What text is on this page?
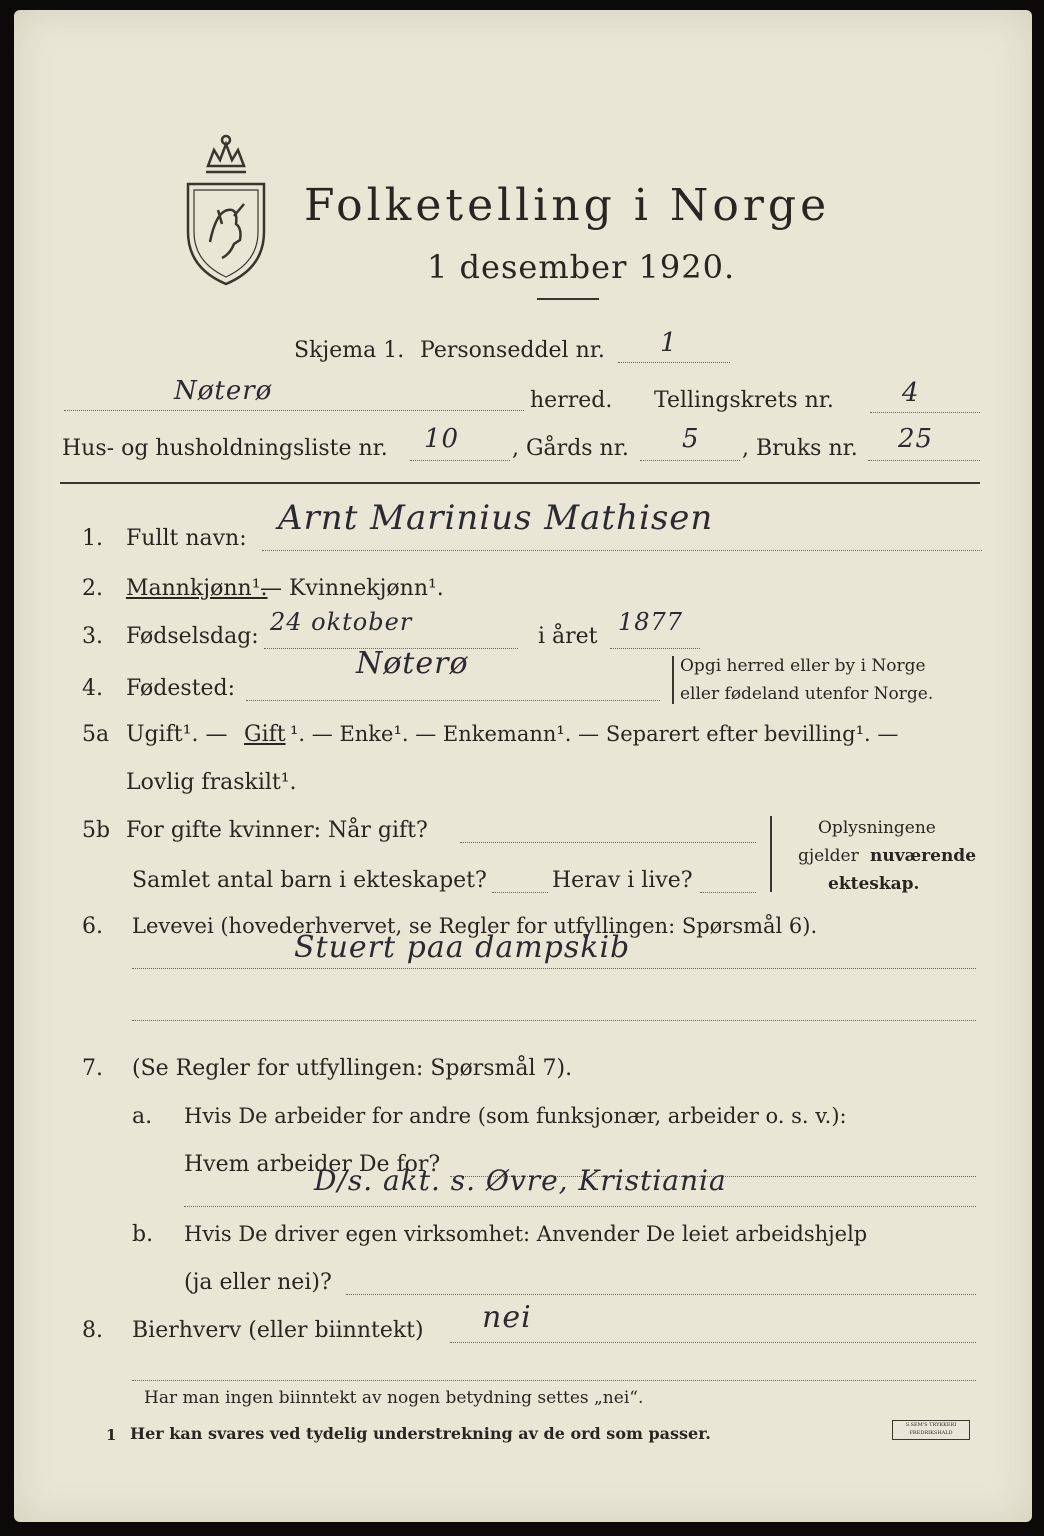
Folketelling i Norge
1 desember 1920.
Skjema 1. Personseddel nr. 1
Nøterø	herred. Tellingskrets nr.	4
Hus- og husholdningsliste nr. 10 , Gårds nr. 5 , Bruks nr. 25
1. Fullt navn:
Arnt Marinius Mathisen
2. Mannkjønn¹.
— Kvinnekjønn¹.
3. Fødselsdag:
24 oktober
i året
1877
4. Fødested:
Nøterø	Opgi herred eller by i Norge
eller fødeland utenfor Norge.
5a Ugift¹. — Gift ¹. — Enke¹. — Enkemann¹. — Separert efter bevilling¹. —
Lovlig fraskilt¹.
5b For gifte kvinner: Når gift?
Samlet antal barn i ekteskapet?	Herav i live?
Oplysningene
gjelder nuværende
ekteskap.
6. Levevei (hovederhvervet, se Regler for utfyllingen: Spørsmål 6).
Stuert paa dampskib
7. (Se Regler for utfyllingen: Spørsmål 7).
a. Hvis De arbeider for andre (som funksjonær, arbeider o. s. v.):
Hvem arbeider De for?
D/s. akt. s. Øvre, Kristiania
b. Hvis De driver egen virksomhet: Anvender De leiet arbeidshjelp
(ja eller nei)?
8. Bierhverv (eller biinntekt) nei
Har man ingen biinntekt av nogen betydning settes „nei“.
1 Her kan svares ved tydelig understrekning av de ord som passer.	S.SEM'S TRYKKERI FREDRIKSHALD
